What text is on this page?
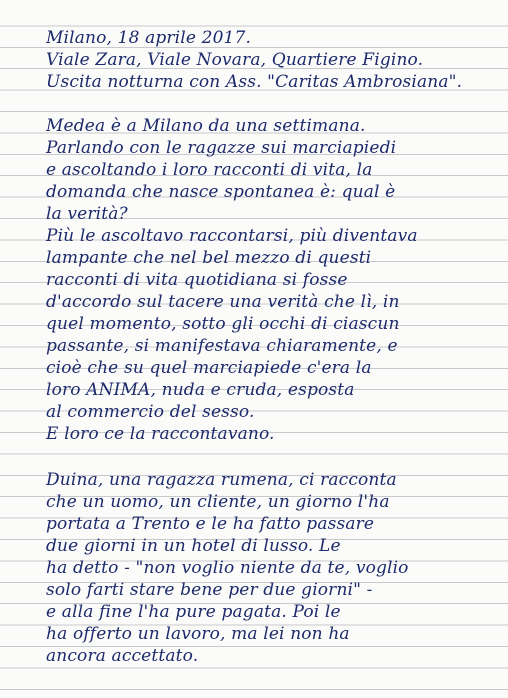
Milano, 18 aprile 2017.

Viale Zara, Viale Novara, Quartiere Figino.

Uscita notturna con Ass. "Caritas Ambrosiana".

Medea è a Milano da una settimana.

Parlando con le ragazze sui marciapiedi

e ascoltando i loro racconti di vita, la

domanda che nasce spontanea è: qual è

la verità?

Più le ascoltavo raccontarsi, più diventava

lampante che nel bel mezzo di questi

racconti di vita quotidiana si fosse

d'accordo sul tacere una verità che lì, in

quel momento, sotto gli occhi di ciascun

passante, si manifestava chiaramente, e

cioè che su quel marciapiede c'era la

loro ANIMA, nuda e cruda, esposta

al commercio del sesso.

E loro ce la raccontavano.

Duina, una ragazza rumena, ci racconta

che un uomo, un cliente, un giorno l'ha

portata a Trento e le ha fatto passare

due giorni in un hotel di lusso. Le

ha detto - "non voglio niente da te, voglio

solo farti stare bene per due giorni" -

e alla fine l'ha pure pagata. Poi le

ha offerto un lavoro, ma lei non ha

ancora accettato.
